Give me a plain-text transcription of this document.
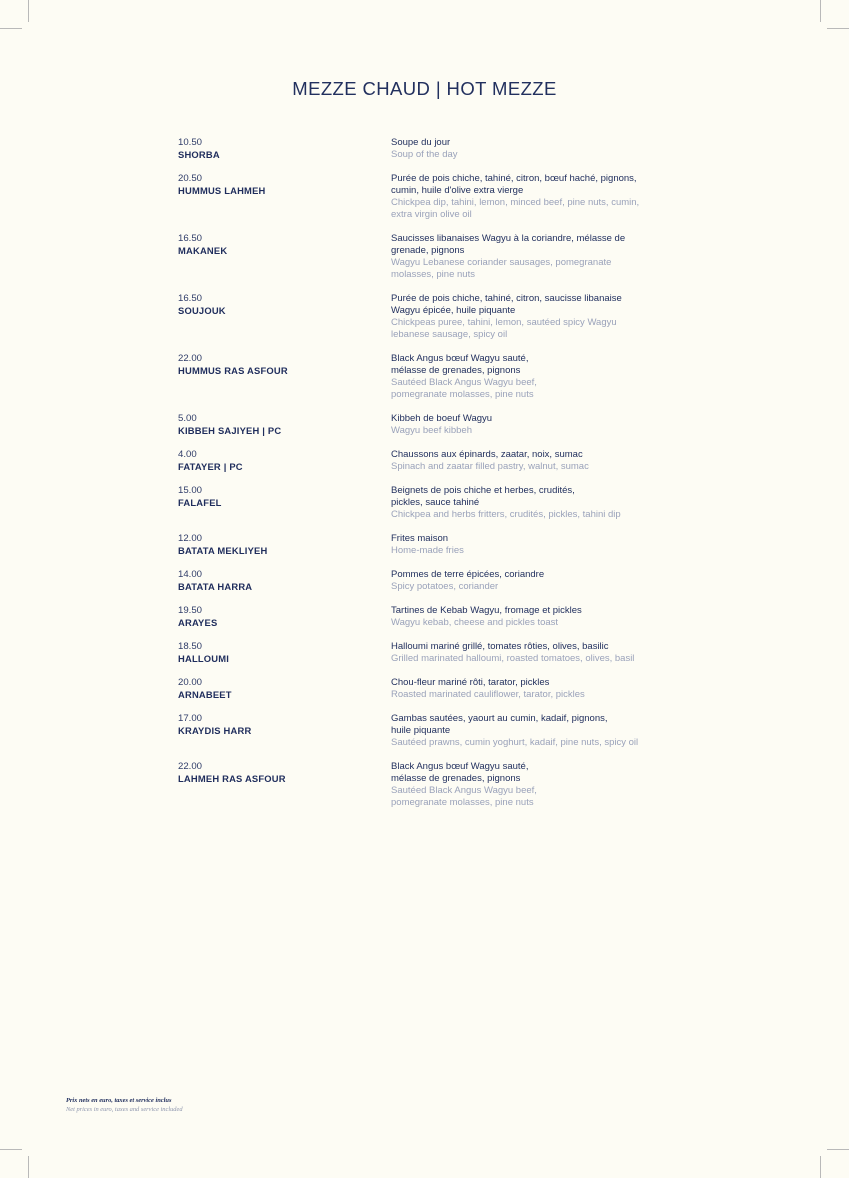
MEZZE CHAUD | HOT MEZZE
10.50
SHORBA
Soupe du jour
Soup of the day
20.50
HUMMUS LAHMEH
Purée de pois chiche, tahiné, citron, bœuf haché, pignons,
cumin, huile d'olive extra vierge
Chickpea dip, tahini, lemon, minced beef, pine nuts, cumin,
extra virgin olive oil
16.50
MAKANEK
Saucisses libanaises Wagyu à la coriandre, mélasse de
grenade, pignons
Wagyu Lebanese coriander sausages, pomegranate
molasses, pine nuts
16.50
SOUJOUK
Purée de pois chiche, tahiné, citron, saucisse libanaise
Wagyu épicée, huile piquante
Chickpeas puree, tahini, lemon, sautéed spicy Wagyu
lebanese sausage, spicy oil
22.00
HUMMUS RAS ASFOUR
Black Angus bœuf Wagyu sauté,
mélasse de grenades, pignons
Sautéed Black Angus Wagyu beef,
pomegranate molasses, pine nuts
5.00
KIBBEH SAJIYEH | PC
Kibbeh de boeuf Wagyu
Wagyu beef kibbeh
4.00
FATAYER | PC
Chaussons aux épinards, zaatar, noix, sumac
Spinach and zaatar filled pastry, walnut, sumac
15.00
FALAFEL
Beignets de pois chiche et herbes, crudités,
pickles, sauce tahiné
Chickpea and herbs fritters, crudités, pickles, tahini dip
12.00
BATATA MEKLIYEH
Frites maison
Home-made fries
14.00
BATATA HARRA
Pommes de terre épicées, coriandre
Spicy potatoes, coriander
19.50
ARAYES
Tartines de Kebab Wagyu, fromage et pickles
Wagyu kebab, cheese and pickles toast
18.50
HALLOUMI
Halloumi mariné grillé, tomates rôties, olives, basilic
Grilled marinated halloumi, roasted tomatoes, olives, basil
20.00
ARNABEET
Chou-fleur mariné rôti, tarator, pickles
Roasted marinated cauliflower, tarator, pickles
17.00
KRAYDIS HARR
Gambas sautées, yaourt au cumin, kadaif, pignons,
huile piquante
Sautéed prawns, cumin yoghurt, kadaif, pine nuts, spicy oil
22.00
LAHMEH RAS ASFOUR
Black Angus bœuf Wagyu sauté,
mélasse de grenades, pignons
Sautéed Black Angus Wagyu beef,
pomegranate molasses, pine nuts
Prix nets en euro, taxes et service inclus
Net prices in euro, taxes and service included
